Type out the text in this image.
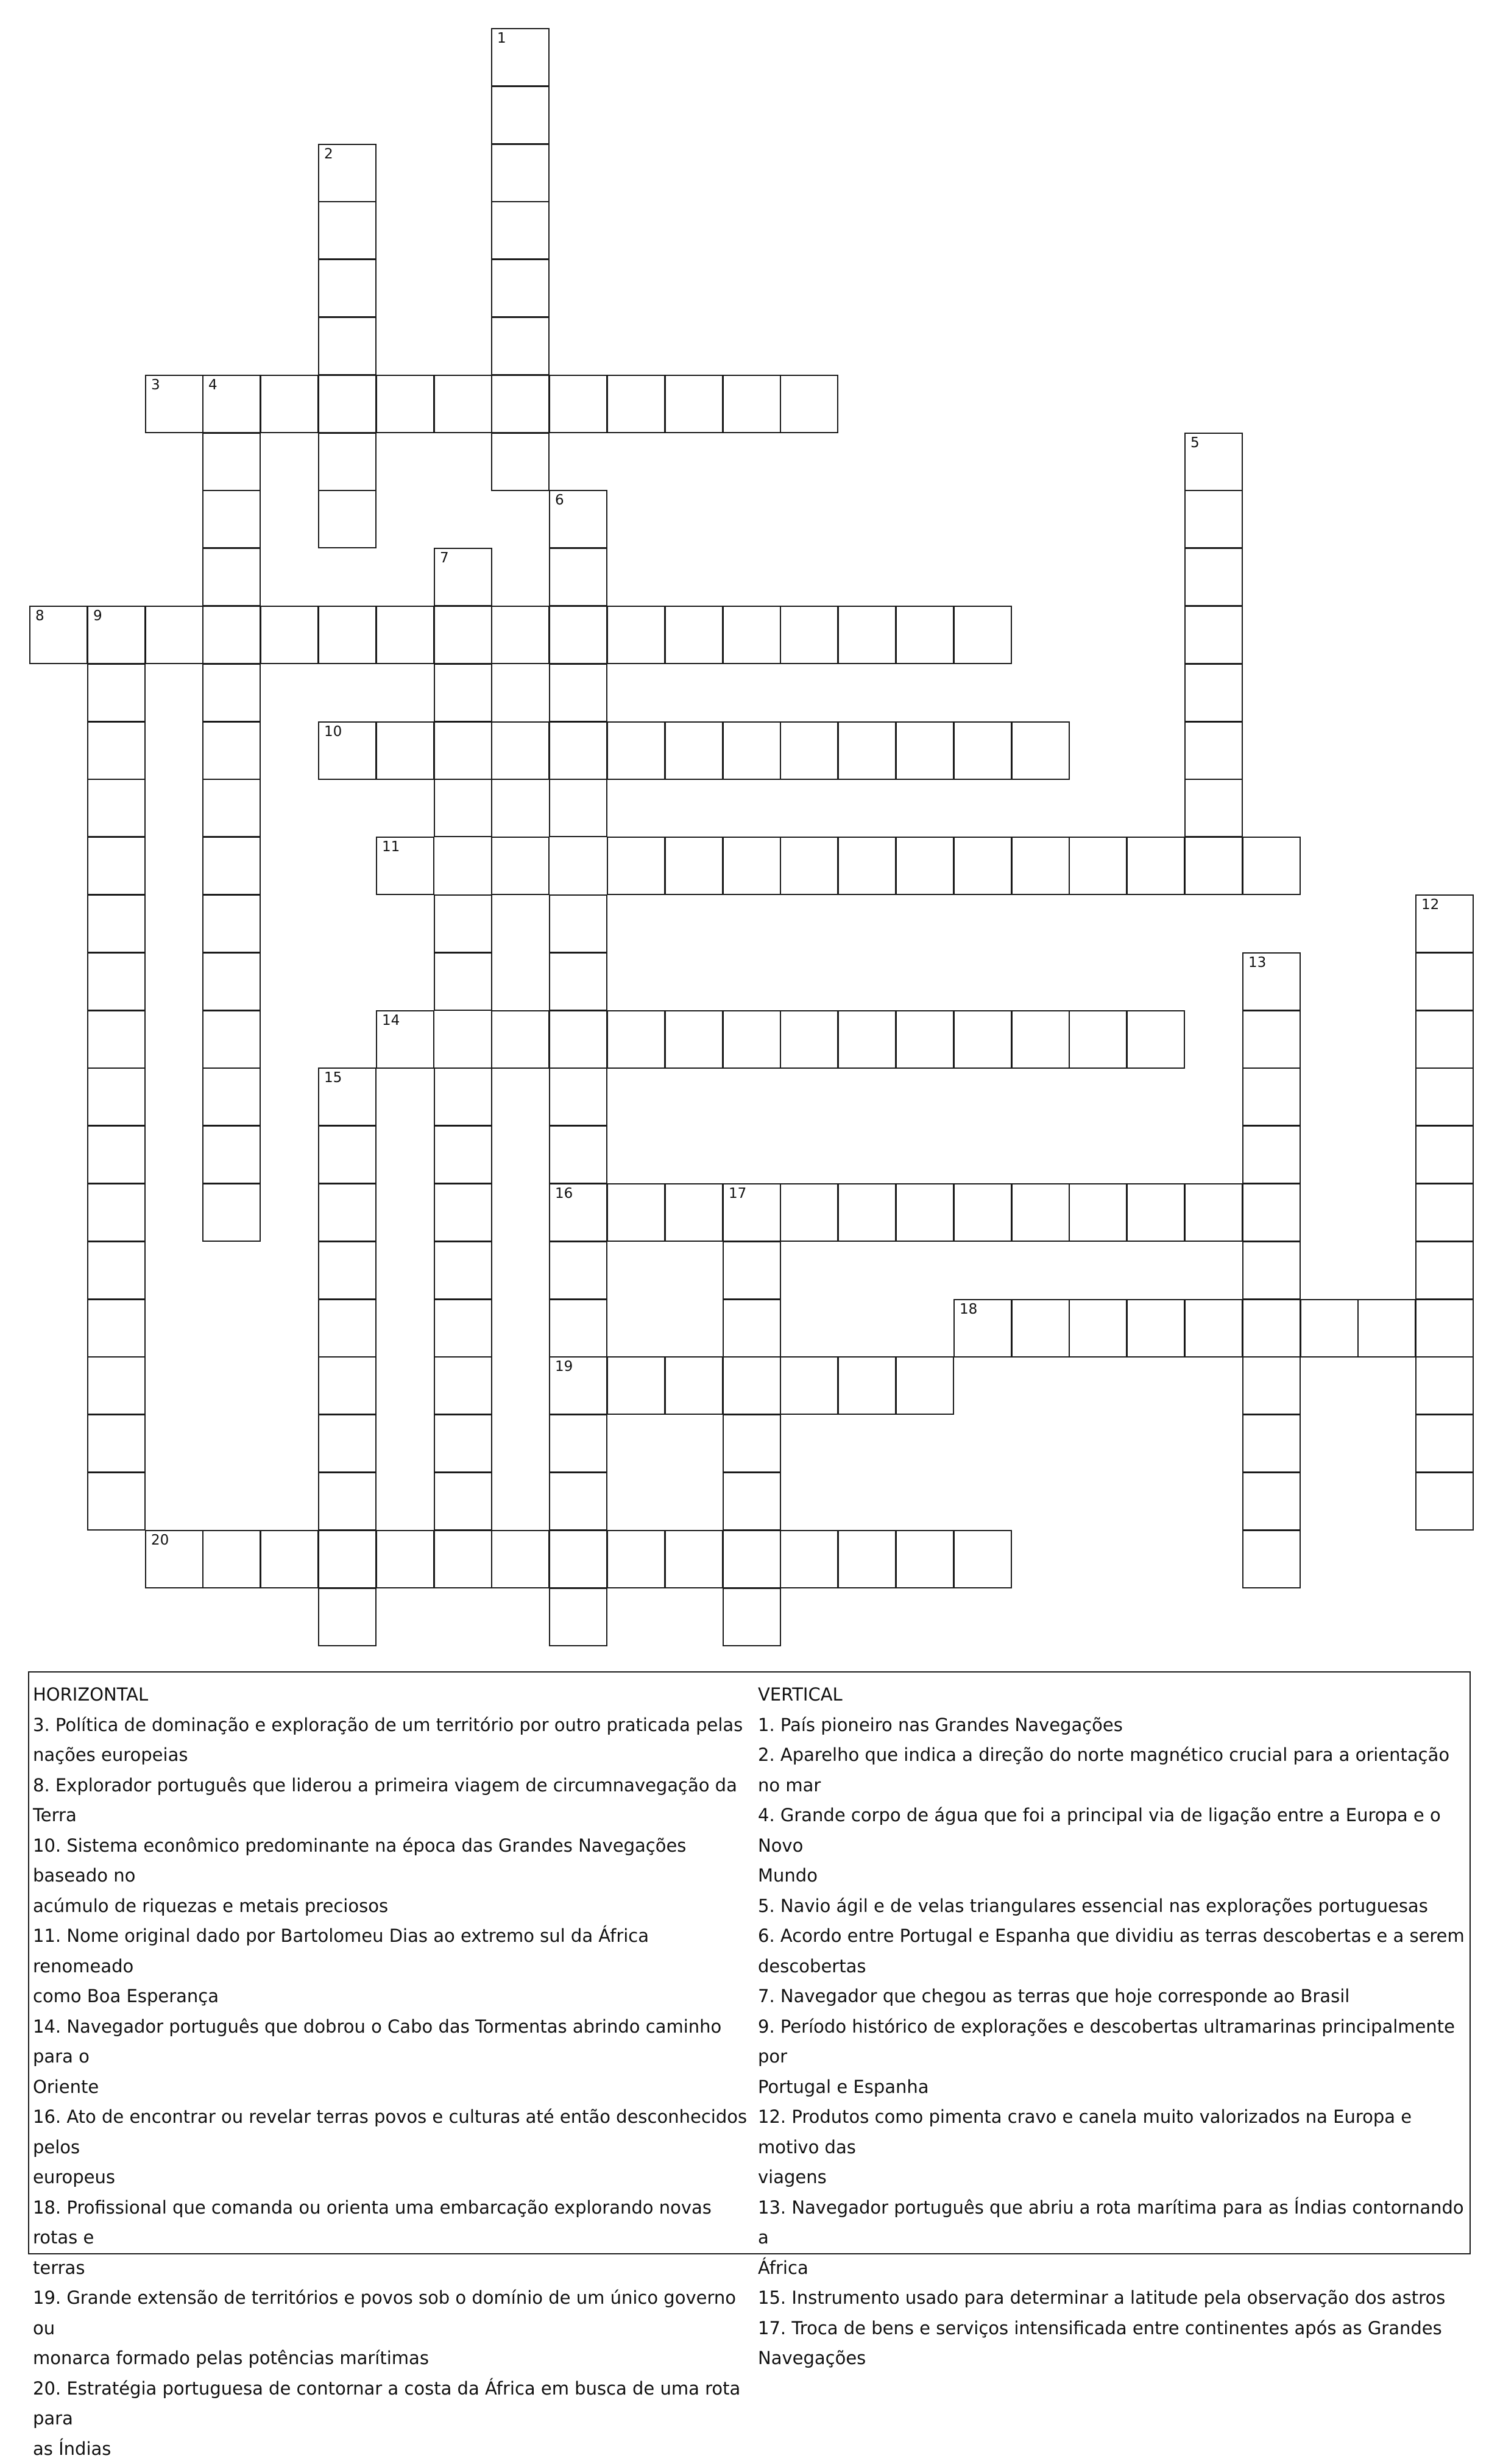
1
2
3	4
5
6
16
19
7
8	9
10
11
12
13
14
15
17
18
20
HORIZONTAL
3. Política de dominação e exploração de um território por outro praticada pelas
nações europeias
8. Explorador português que liderou a primeira viagem de circumnavegação da Terra
10. Sistema econômico predominante na época das Grandes Navegações baseado no
acúmulo de riquezas e metais preciosos
11. Nome original dado por Bartolomeu Dias ao extremo sul da África renomeado
como Boa Esperança
14. Navegador português que dobrou o Cabo das Tormentas abrindo caminho para o
Oriente
16. Ato de encontrar ou revelar terras povos e culturas até então desconhecidos pelos
europeus
18. Profissional que comanda ou orienta uma embarcação explorando novas rotas e
terras
19. Grande extensão de territórios e povos sob o domínio de um único governo ou
monarca formado pelas potências marítimas
20. Estratégia portuguesa de contornar a costa da África em busca de uma rota para
as Índias
VERTICAL
1. País pioneiro nas Grandes Navegações
2. Aparelho que indica a direção do norte magnético crucial para a orientação no mar
4. Grande corpo de água que foi a principal via de ligação entre a Europa e o Novo
Mundo
5. Navio ágil e de velas triangulares essencial nas explorações portuguesas
6. Acordo entre Portugal e Espanha que dividiu as terras descobertas e a serem
descobertas
7. Navegador que chegou as terras que hoje corresponde ao Brasil
9. Período histórico de explorações e descobertas ultramarinas principalmente por
Portugal e Espanha
12. Produtos como pimenta cravo e canela muito valorizados na Europa e motivo das
viagens
13. Navegador português que abriu a rota marítima para as Índias contornando a
África
15. Instrumento usado para determinar a latitude pela observação dos astros
17. Troca de bens e serviços intensificada entre continentes após as Grandes
Navegações
